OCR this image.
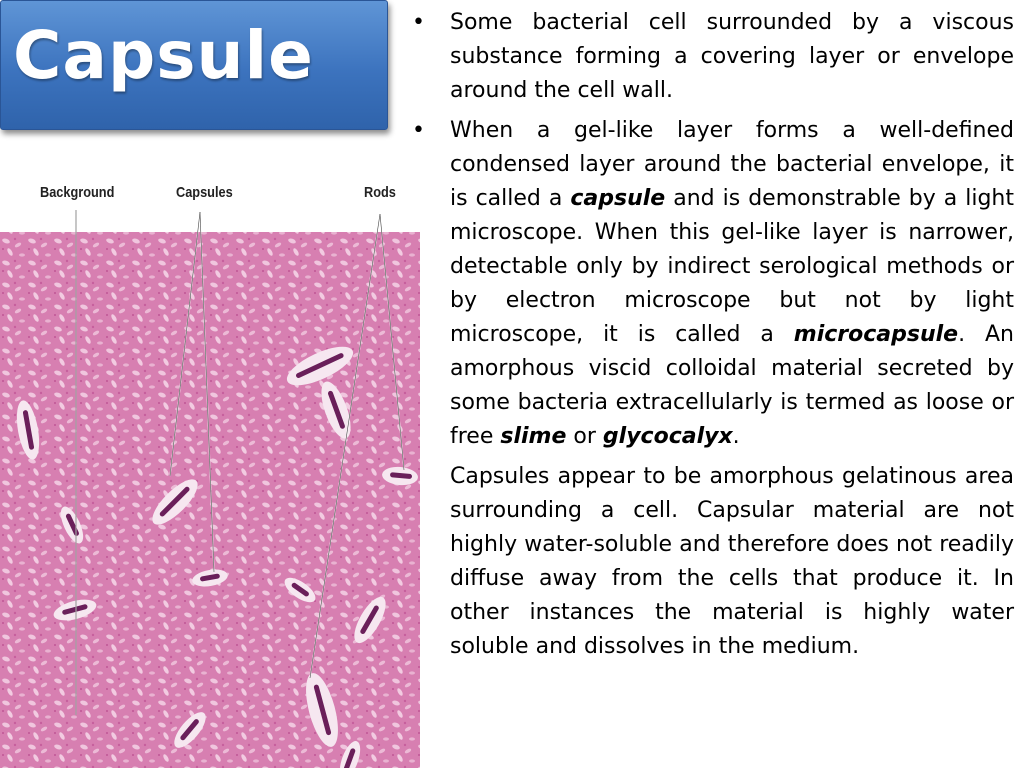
Capsule
Background	Capsules	Rods
•	Some bacterial cell surrounded by a viscous substance forming a covering layer or envelope around the cell wall.
•	When a gel-like layer forms a well-defined condensed layer around the bacterial envelope, it is called a capsule and is demonstrable by a light microscope. When this gel-like layer is narrower, detectable only by indirect serological methods or by electron microscope but not by light microscope, it is called a microcapsule. An amorphous viscid colloidal material secreted by some bacteria extracellularly is termed as loose or free slime or glycocalyx.
Capsules appear to be amorphous gelatinous area surrounding a cell. Capsular material are not highly water-soluble and therefore does not readily diffuse away from the cells that produce it. In other instances the material is highly water soluble and dissolves in the medium.
